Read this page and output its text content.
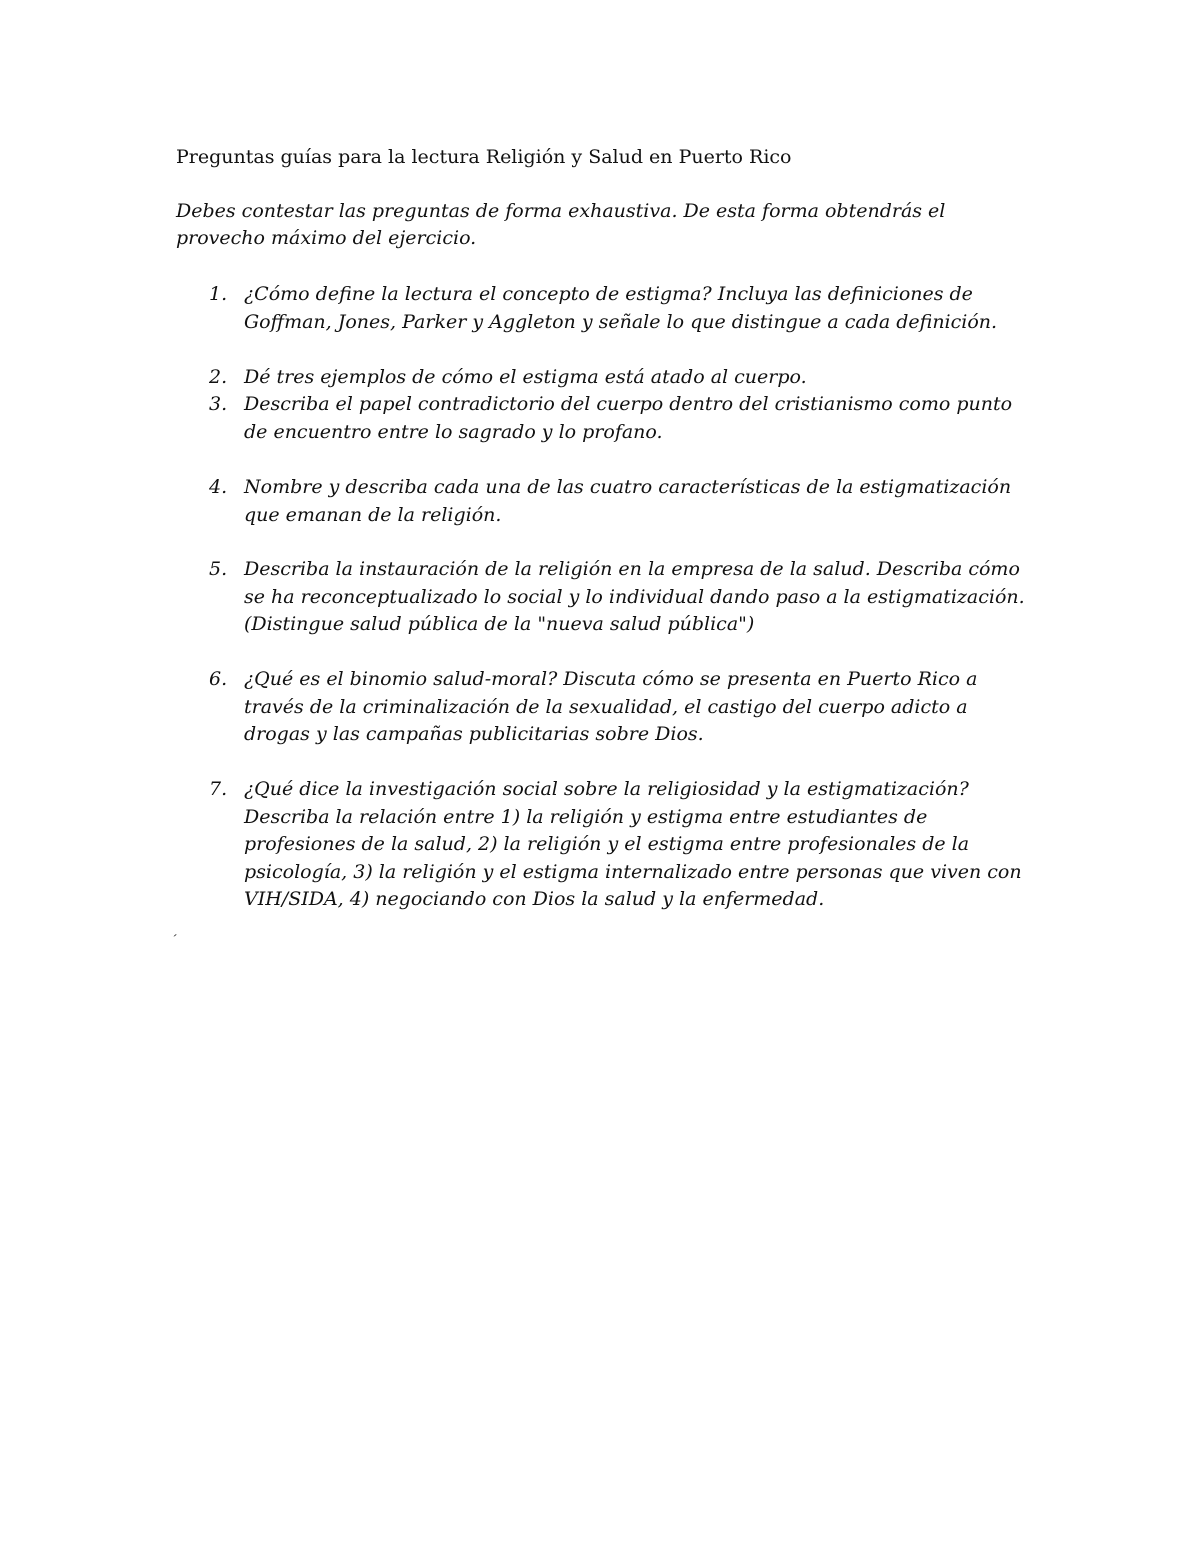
Preguntas guías para la lectura Religión y Salud en Puerto Rico
Debes contestar las preguntas de forma exhaustiva. De esta forma obtendrás el provecho máximo del ejercicio.
1. ¿Cómo define la lectura el concepto de estigma? Incluya las definiciones de Goffman, Jones, Parker y Aggleton y señale lo que distingue a cada definición.
2. Dé tres ejemplos de cómo el estigma está atado al cuerpo.
3. Describa el papel contradictorio del cuerpo dentro del cristianismo como punto de encuentro entre lo sagrado y lo profano.
4. Nombre y describa cada una de las cuatro características de la estigmatización que emanan de la religión.
5. Describa la instauración de la religión en la empresa de la salud. Describa cómo se ha reconceptualizado lo social y lo individual dando paso a la estigmatización. (Distingue salud pública de la "nueva salud pública")
6. ¿Qué es el binomio salud-moral? Discuta cómo se presenta en Puerto Rico a través de la criminalización de la sexualidad, el castigo del cuerpo adicto a drogas y las campañas publicitarias sobre Dios.
7. ¿Qué dice la investigación social sobre la religiosidad y la estigmatización? Describa la relación entre 1) la religión y estigma entre estudiantes de profesiones de la salud, 2) la religión y el estigma entre profesionales de la psicología, 3) la religión y el estigma internalizado entre personas que viven con VIH/SIDA, 4) negociando con Dios la salud y la enfermedad.
ˏ
